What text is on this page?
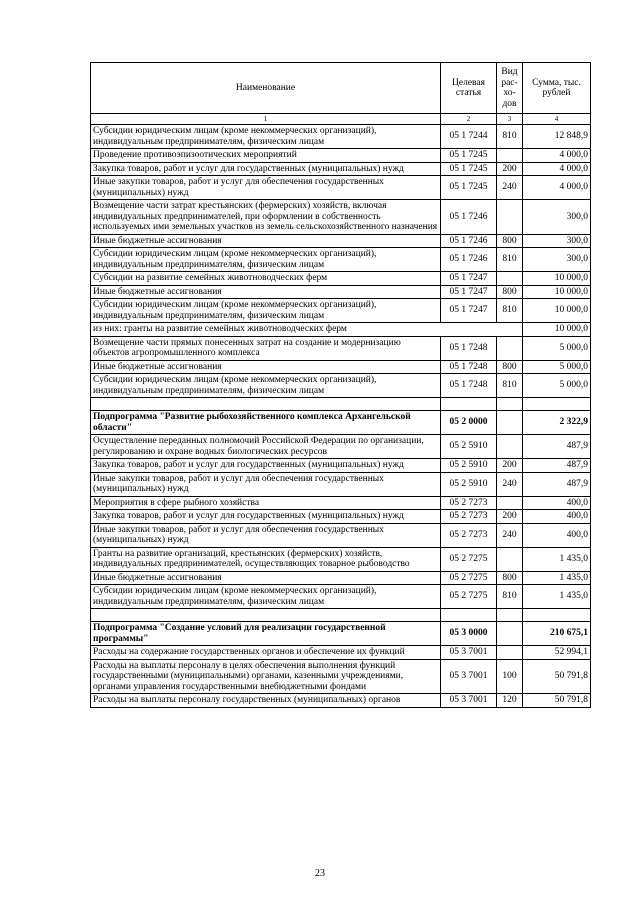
Наименование	Целевая статья	Вид рас-хо-дов	Сумма, тыс. рублей
1	2	3	4
Субсидии юридическим лицам (кроме некоммерческих организаций), индивидуальным предпринимателям, физическим лицам	05 1 7244	810	12 848,9
Проведение противоэпизоотических мероприятий	05 1 7245		4 000,0
Закупка товаров, работ и услуг для государственных (муниципальных) нужд	05 1 7245	200	4 000,0
Иные закупки товаров, работ и услуг для обеспечения государственных (муниципальных) нужд	05 1 7245	240	4 000,0
Возмещение части затрат крестьянских (фермерских) хозяйств, включая индивидуальных предпринимателей, при оформлении в собственность используемых ими земельных участков из земель сельскохозяйственного назначения	05 1 7246		300,0
Иные бюджетные ассигнования	05 1 7246	800	300,0
Субсидии юридическим лицам (кроме некоммерческих организаций), индивидуальным предпринимателям, физическим лицам	05 1 7246	810	300,0
Субсидии на развитие семейных животноводческих ферм	05 1 7247		10 000,0
Иные бюджетные ассигнования	05 1 7247	800	10 000,0
Субсидии юридическим лицам (кроме некоммерческих организаций), индивидуальным предпринимателям, физическим лицам	05 1 7247	810	10 000,0
из них: гранты на развитие семейных животноводческих ферм			10 000,0
Возмещение части прямых понесенных затрат на создание и модернизацию объектов агропромышленного комплекса	05 1 7248		5 000,0
Иные бюджетные ассигнования	05 1 7248	800	5 000,0
Субсидии юридическим лицам (кроме некоммерческих организаций), индивидуальным предпринимателям, физическим лицам	05 1 7248	810	5 000,0

Подпрограмма "Развитие рыбохозяйственного комплекса Архангельской области"	05 2 0000		2 322,9
Осуществление переданных полномочий Российской Федерации по организации, регулированию и охране водных биологических ресурсов	05 2 5910		487,9
Закупка товаров, работ и услуг для государственных (муниципальных) нужд	05 2 5910	200	487,9
Иные закупки товаров, работ и услуг для обеспечения государственных (муниципальных) нужд	05 2 5910	240	487,9
Мероприятия в сфере рыбного хозяйства	05 2 7273		400,0
Закупка товаров, работ и услуг для государственных (муниципальных) нужд	05 2 7273	200	400,0
Иные закупки товаров, работ и услуг для обеспечения государственных (муниципальных) нужд	05 2 7273	240	400,0
Гранты на развитие организаций, крестьянских (фермерских) хозяйств, индивидуальных предпринимателей, осуществляющих товарное рыбоводство	05 2 7275		1 435,0
Иные бюджетные ассигнования	05 2 7275	800	1 435,0
Субсидии юридическим лицам (кроме некоммерческих организаций), индивидуальным предпринимателям, физическим лицам	05 2 7275	810	1 435,0

Подпрограмма "Создание условий для реализации государственной программы"	05 3 0000		210 675,1
Расходы на содержание государственных органов и обеспечение их функций	05 3 7001		52 994,1
Расходы на выплаты персоналу в целях обеспечения выполнения функций государственными (муниципальными) органами, казенными учреждениями, органами управления государственными внебюджетными фондами	05 3 7001	100	50 791,8
Расходы на выплаты персоналу государственных (муниципальных) органов	05 3 7001	120	50 791,8
23
